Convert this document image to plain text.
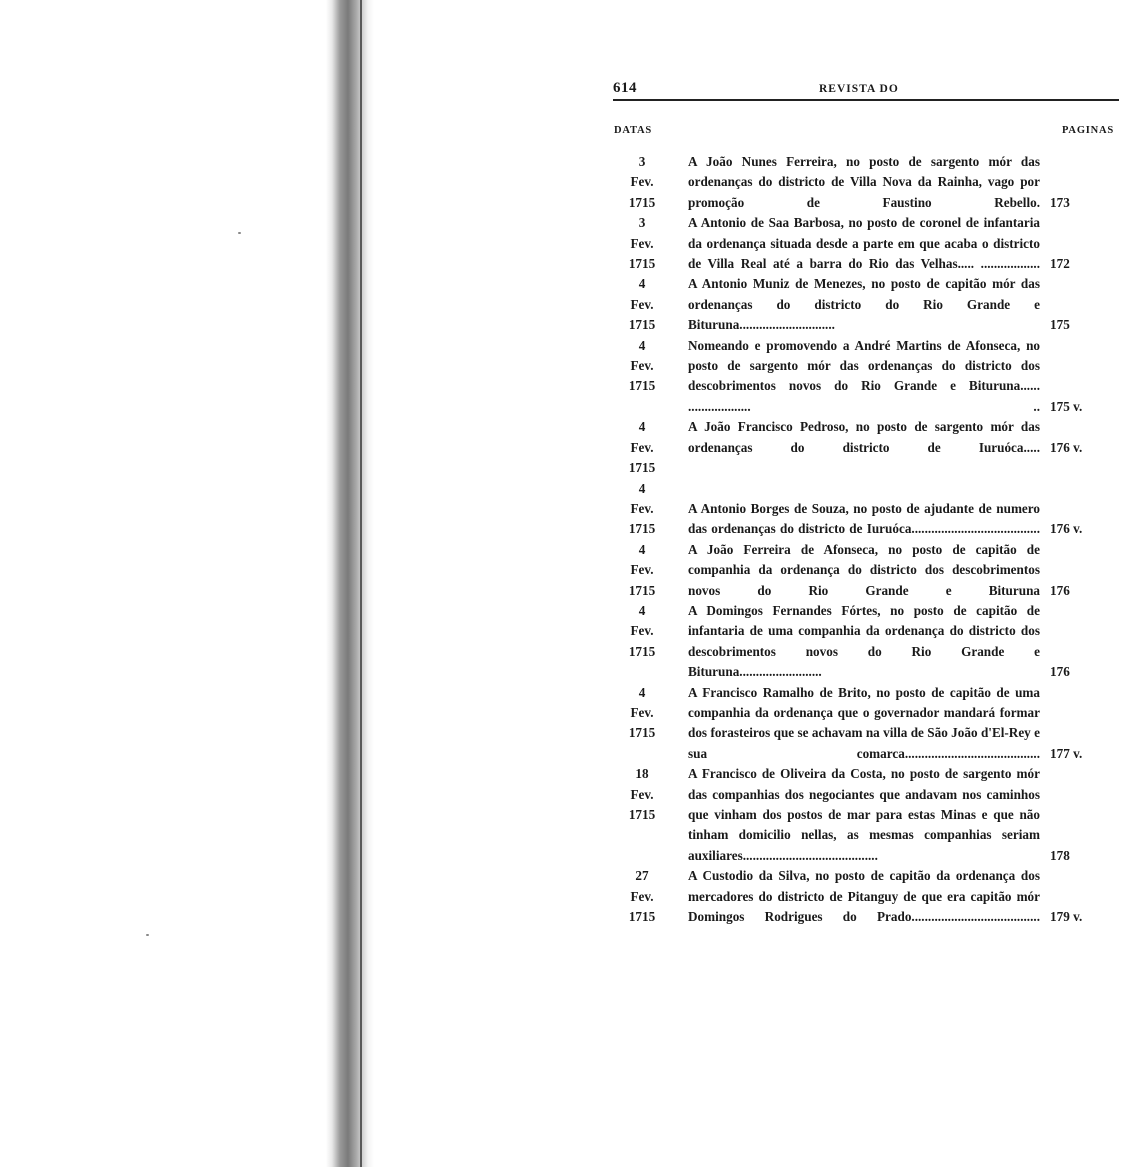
614	REVISTA DO
DATAS	PAGINAS
3
Fev.
1715
A João Nunes Ferreira, no posto de sargento mór das ordenanças do districto de Villa Nova da Rainha, vago por promoção de Faustino Rebello. 173
3
Fev.
1715
A Antonio de Saa Barbosa, no posto de coronel de infantaria da ordenança situada desde a parte em que acaba o districto de Villa Real até a barra do Rio das Velhas..... .................. 172
4
Fev.
1715
A Antonio Muniz de Menezes, no posto de capitão mór das ordenanças do districto do Rio Grande e Bituruna.............................	175
4
Fev.
1715
Nomeando e promovendo a André Martins de Afonseca, no posto de sargento mór das ordenanças do districto dos descobrimentos novos do Rio Grande e Bituruna...... ................... .. 175 v.
4
Fev.
1715
A João Francisco Pedroso, no posto de sargento mór das ordenanças do districto de Iuruóca..... 176 v.
4
Fev.
1715
A Antonio Borges de Souza, no posto de ajudante de numero das ordenanças do districto de Iuruóca....................................... 176 v.
4
Fev.
1715
A João Ferreira de Afonseca, no posto de capitão de companhia da ordenança do districto dos descobrimentos novos do Rio Grande e Bituruna 176
4
Fev.
1715
A Domingos Fernandes Fórtes, no posto de capitão de infantaria de uma companhia da ordenança do districto dos descobrimentos novos do Rio Grande e Bituruna.........................	176
4
Fev.
1715
A Francisco Ramalho de Brito, no posto de capitão de uma companhia da ordenança que o governador mandará formar dos forasteiros que se achavam na villa de São João d'El-Rey e sua comarca......................................... 177 v.
18
Fev.
1715
A Francisco de Oliveira da Costa, no posto de sargento mór das companhias dos negociantes que andavam nos caminhos que vinham dos postos de mar para estas Minas e que não tinham domicilio nellas, as mesmas companhias seriam auxiliares.........................................	178
27
Fev.
1715
A Custodio da Silva, no posto de capitão da ordenança dos mercadores do districto de Pitanguy de que era capitão mór Domingos Rodrigues do Prado....................................... 179 v.
